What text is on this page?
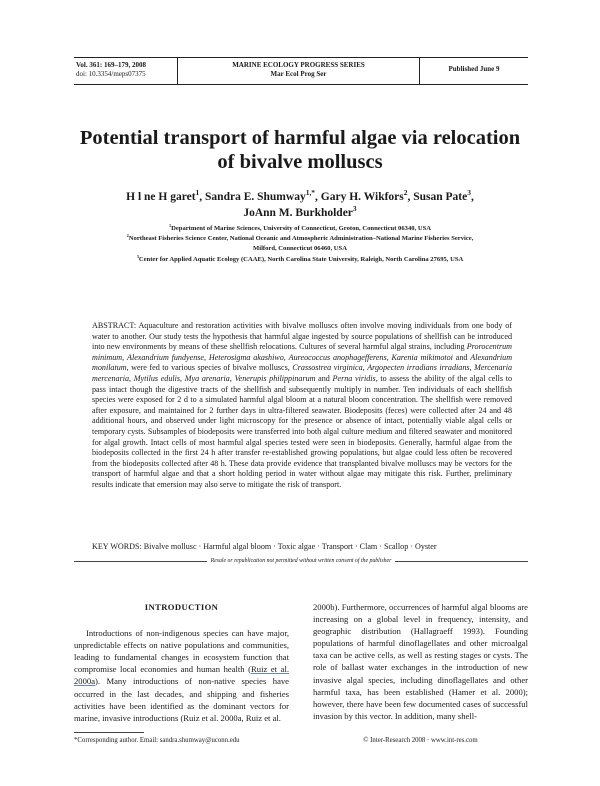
Vol. 361: 169–179, 2008
doi: 10.3354/meps07375
MARINE ECOLOGY PROGRESS SERIES
Mar Ecol Prog Ser
Published June 9
Potential transport of harmful algae via relocation
of bivalve molluscs
H l ne H garet$^1$, Sandra E. Shumway$^{1,*}$, Gary H. Wikfors$^2$, Susan Pate$^3$,
JoAnn M. Burkholder$^3$
$^1$Department of Marine Sciences, University of Connecticut, Groton, Connecticut 06340, USA
$^2$Northeast Fisheries Science Center, National Oceanic and Atmospheric Administration–National Marine Fisheries Service,
Milford, Connecticut 06460, USA
$^3$Center for Applied Aquatic Ecology (CAAE), North Carolina State University, Raleigh, North Carolina 27695, USA
ABSTRACT: Aquaculture and restoration activities with bivalve molluscs often involve moving individuals from one body of water to another. Our study tests the hypothesis that harmful algae ingested by source populations of shellfish can be introduced into new environments by means of these shellfish relocations. Cultures of several harmful algal strains, including Prorocentrum minimum, Alexandrium fundyense, Heterosigma akashiwo, Aureococcus anophagefferens, Karenia mikimotoi and Alexandrium monilatum, were fed to various species of bivalve molluscs, Crassostrea virginica, Argopecten irradians irradians, Mercenaria mercenaria, Mytilus edulis, Mya arenaria, Venerupis philippinarum and Perna viridis, to assess the ability of the algal cells to pass intact though the digestive tracts of the shellfish and subsequently multiply in number. Ten individuals of each shellfish species were exposed for 2 d to a simulated harmful algal bloom at a natural bloom concentration. The shellfish were removed after exposure, and maintained for 2 further days in ultra-filtered seawater. Biodeposits (feces) were collected after 24 and 48 additional hours, and observed under light microscopy for the presence or absence of intact, potentially viable algal cells or temporary cysts. Subsamples of biodeposits were transferred into both algal culture medium and filtered seawater and monitored for algal growth. Intact cells of most harmful algal species tested were seen in biodeposits. Generally, harmful algae from the biodeposits collected in the first 24 h after transfer re-established growing populations, but algae could less often be recovered from the biodeposits collected after 48 h. These data provide evidence that transplanted bivalve molluscs may be vectors for the transport of harmful algae and that a short holding period in water without algae may mitigate this risk. Further, preliminary results indicate that emersion may also serve to mitigate the risk of transport.
KEY WORDS: Bivalve mollusc · Harmful algal bloom · Toxic algae · Transport · Clam · Scallop · Oyster
Resale or republication not permitted without written consent of the publisher
INTRODUCTION

Introductions of non-indigenous species can have major, unpredictable effects on native populations and communities, leading to fundamental changes in ecosystem function that compromise local economies and human health (Ruiz et al. 2000a). Many introductions of non-native species have occurred in the last decades, and shipping and fisheries activities have been identified as the dominant vectors for marine, invasive introductions (Ruiz et al. 2000a, Ruiz et al.

2000b). Furthermore, occurrences of harmful algal blooms are increasing on a global level in frequency, intensity, and geographic distribution (Hallagraeff 1993). Founding populations of harmful dinoflagellates and other microalgal taxa can be active cells, as well as resting stages or cysts. The role of ballast water exchanges in the introduction of new invasive algal species, including dinoflagellates and other harmful taxa, has been established (Hamer et al. 2000); however, there have been few documented cases of successful invasion by this vector. In addition, many shell-

*Corresponding author. Email: sandra.shumway@uconn.edu	© Inter-Research 2008 · www.int-res.com
